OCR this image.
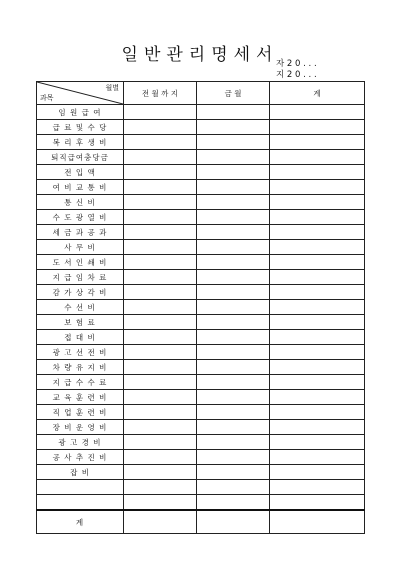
일반관리명세서
자 2 0 . . .
지 2 0 . . .
월별
과목	전 월 까 지	금 월	계
임 원 급 여			
급 료 및 수 당			
복 리 후 생 비			
퇴직급여충당금			
전 입 액			
여 비 교 통 비			
통 신 비			
수 도 광 열 비			
세 금 과 공 과			
사 무 비			
도 서 인 쇄 비			
지 급 임 차 료			
감 가 상 각 비			
수 선 비			
보 험 료			
접 대 비			
광 고 선 전 비			
차 량 유 지 비			
지 급 수 수 료			
교 육 훈 련 비			
직 업 훈 련 비			
장 비 운 영 비			
광 고 경 비			
공 사 추 진 비			
잡 비			

계			
